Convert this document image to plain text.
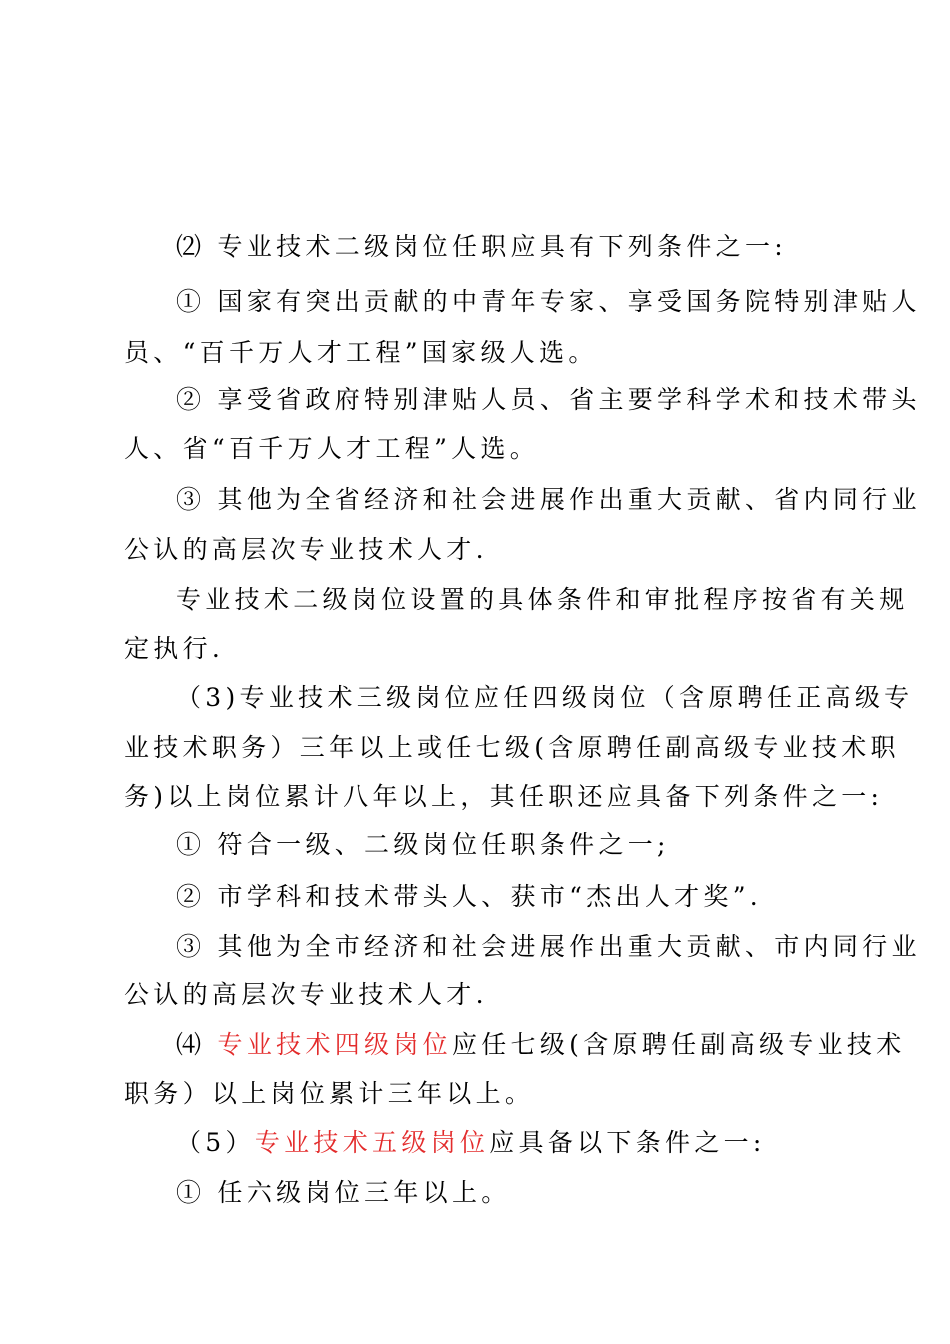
⑵ 专业技术二级岗位任职应具有下列条件之一:
① 国家有突出贡献的中青年专家、享受国务院特别津贴人
员、“百千万人才工程”国家级人选。
② 享受省政府特别津贴人员、省主要学科学术和技术带头
人、省“百千万人才工程”人选。
③ 其他为全省经济和社会进展作出重大贡献、省内同行业
公认的高层次专业技术人才.
专业技术二级岗位设置的具体条件和审批程序按省有关规
定执行.
（3)专业技术三级岗位应任四级岗位（含原聘任正高级专
业技术职务）三年以上或任七级(含原聘任副高级专业技术职
务)以上岗位累计八年以上，其任职还应具备下列条件之一:
① 符合一级、二级岗位任职条件之一;
② 市学科和技术带头人、获市“杰出人才奖”.
③ 其他为全市经济和社会进展作出重大贡献、市内同行业
公认的高层次专业技术人才.
⑷ 专业技术四级岗位应任七级(含原聘任副高级专业技术
职务）以上岗位累计三年以上。
（5）专业技术五级岗位应具备以下条件之一:
① 任六级岗位三年以上。
